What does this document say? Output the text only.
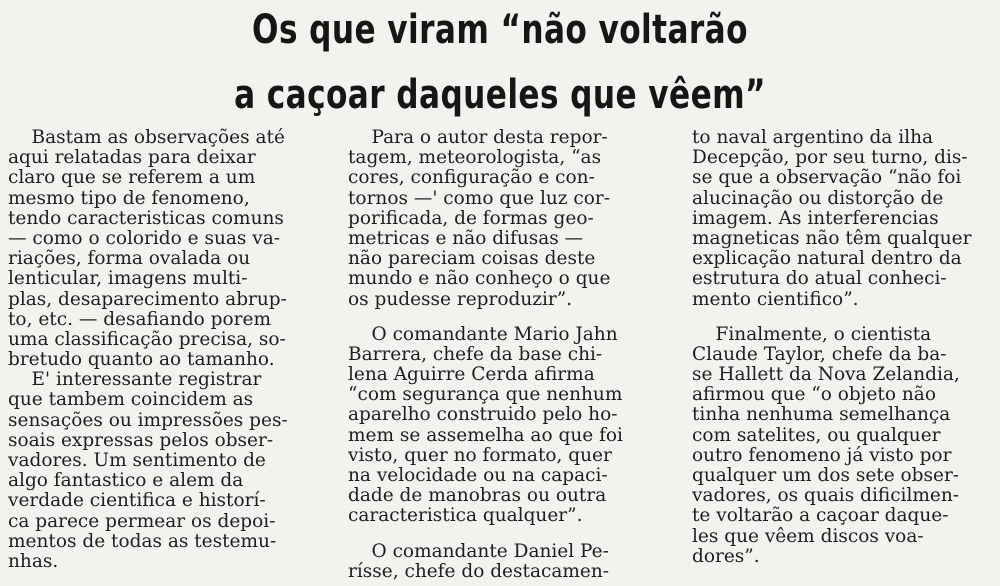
Os que viram “não voltarão
a caçoar daqueles que vêem”

Bastam as observações até
aqui relatadas para deixar
claro que se referem a um
mesmo tipo de fenomeno,
tendo caracteristicas comuns
— como o colorido e suas va-
riações, forma ovalada ou
lenticular, imagens multi-
plas, desaparecimento abrup-
to, etc. — desafiando porem
uma classificação precisa, so-
bretudo quanto ao tamanho.
E' interessante registrar
que tambem coincidem as
sensações ou impressões pes-
soais expressas pelos obser-
vadores. Um sentimento de
algo fantastico e alem da
verdade cientifica e historí-
ca parece permear os depoi-
mentos de todas as testemu-
nhas.

Para o autor desta repor-
tagem, meteorologista, “as
cores, configuração e con-
tornos —' como que luz cor-
porificada, de formas geo-
metricas e não difusas —
não pareciam coisas deste
mundo e não conheço o que
os pudesse reproduzir”.

O comandante Mario Jahn
Barrera, chefe da base chi-
lena Aguirre Cerda afirma
“com segurança que nenhum
aparelho construido pelo ho-
mem se assemelha ao que foi
visto, quer no formato, quer
na velocidade ou na capaci-
dade de manobras ou outra
caracteristica qualquer”.

O comandante Daniel Pe-
rísse, chefe do destacamen-

to naval argentino da ilha
Decepção, por seu turno, dis-
se que a observação “não foi
alucinação ou distorção de
imagem. As interferencias
magneticas não têm qualquer
explicação natural dentro da
estrutura do atual conheci-
mento cientifico”.

Finalmente, o cientista
Claude Taylor, chefe da ba-
se Hallett da Nova Zelandia,
afirmou que “o objeto não
tinha nenhuma semelhança
com satelites, ou qualquer
outro fenomeno já visto por
qualquer um dos sete obser-
vadores, os quais dificilmen-
te voltarão a caçoar daque-
les que vêem discos voa-
dores”.
